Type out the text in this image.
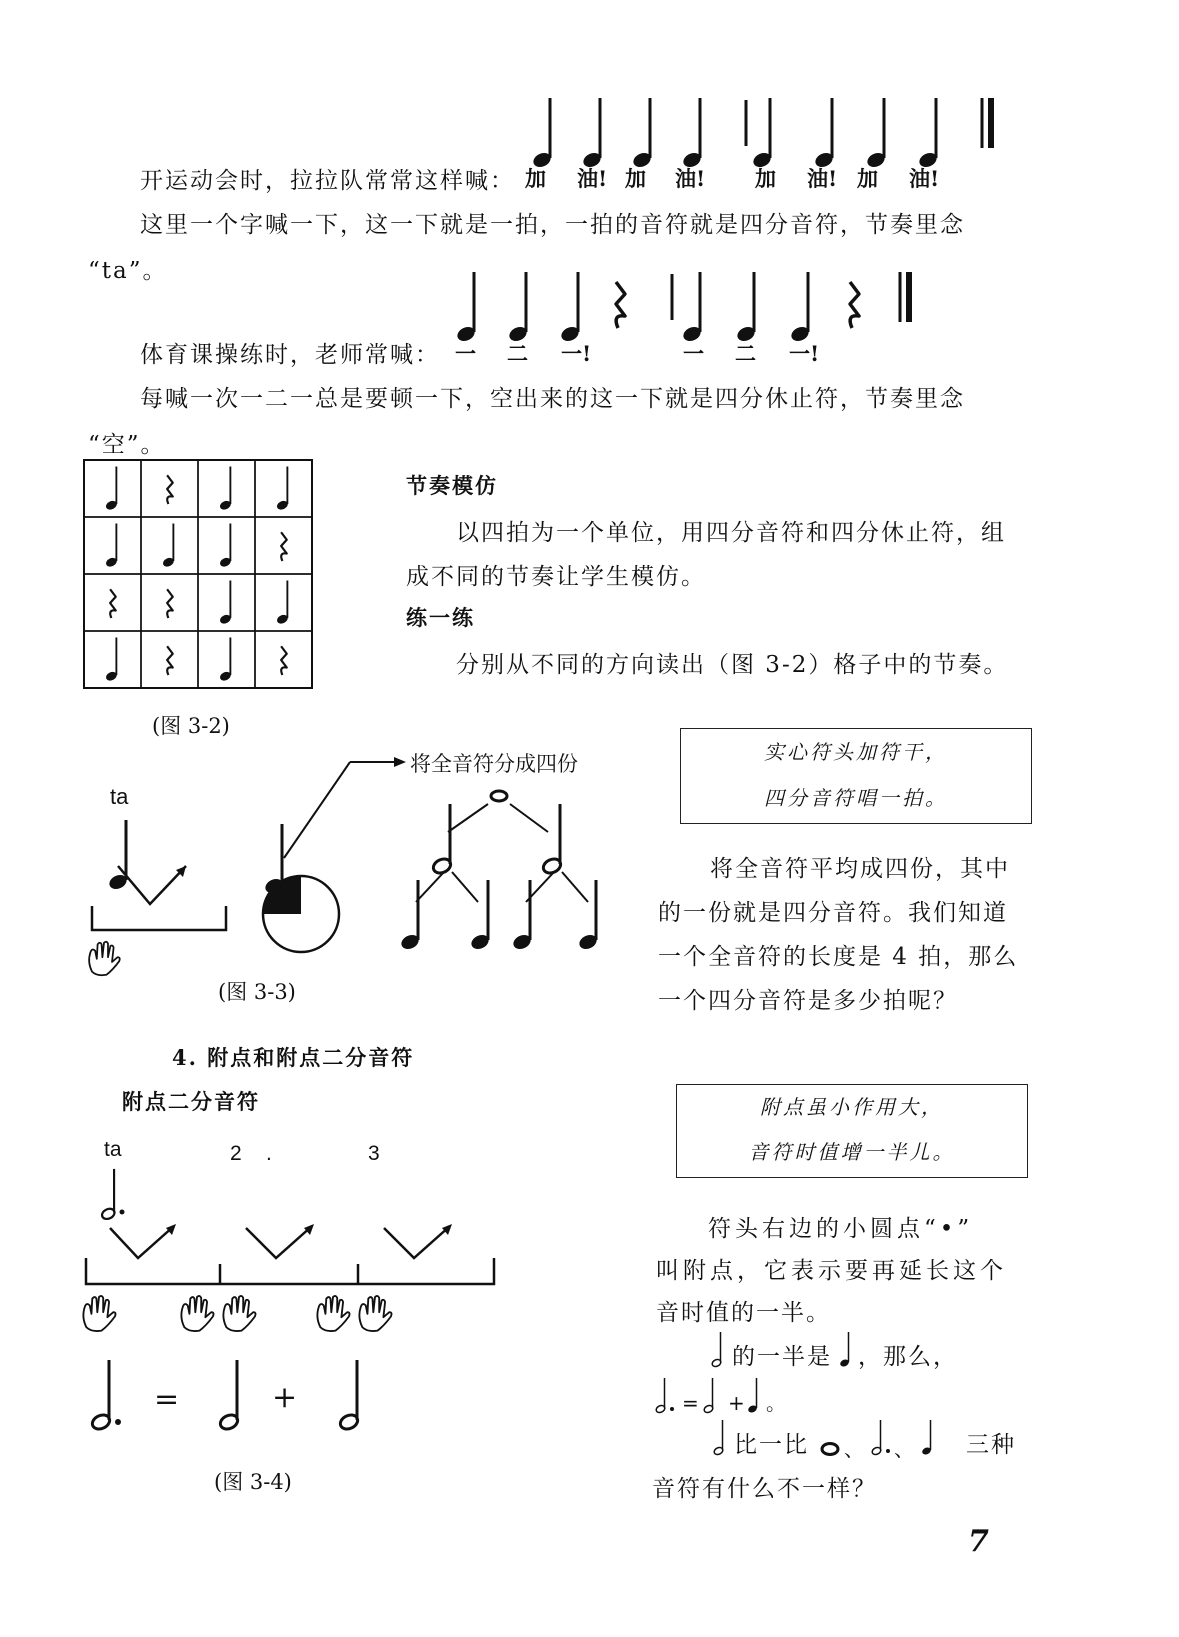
开运动会时，拉拉队常常这样喊： 加 油! 加 油! 加 油! 加 油!
这里一个字喊一下，这一下就是一拍，一拍的音符就是四分音符，节奏里念
“ta”。
体育课操练时，老师常喊： 一 二 一!	一 二 一!
每喊一次一二一总是要顿一下，空出来的这一下就是四分休止符，节奏里念
“空”。
(图 3-2)
节奏模仿
以四拍为一个单位，用四分音符和四分休止符，组
成不同的节奏让学生模仿。
练一练
分别从不同的方向读出（图 3-2）格子中的节奏。
ta
将全音符分成四份
(图 3-3)
实心符头加符干，
四分音符唱一拍。
将全音符平均成四份，其中
的一份就是四分音符。我们知道
一个全音符的长度是 4 拍，那么
一个四分音符是多少拍呢？
4. 附点和附点二分音符
附点二分音符
ta	2 .	3
=	+
(图 3-4)
附点虽小作用大，
音符时值增一半儿。
符头右边的小圆点“•”
叫附点，它表示要再延长这个
音时值的一半。
的一半是 ，那么，
= + 。
比一比 、 、 三种
音符有什么不一样？
7
